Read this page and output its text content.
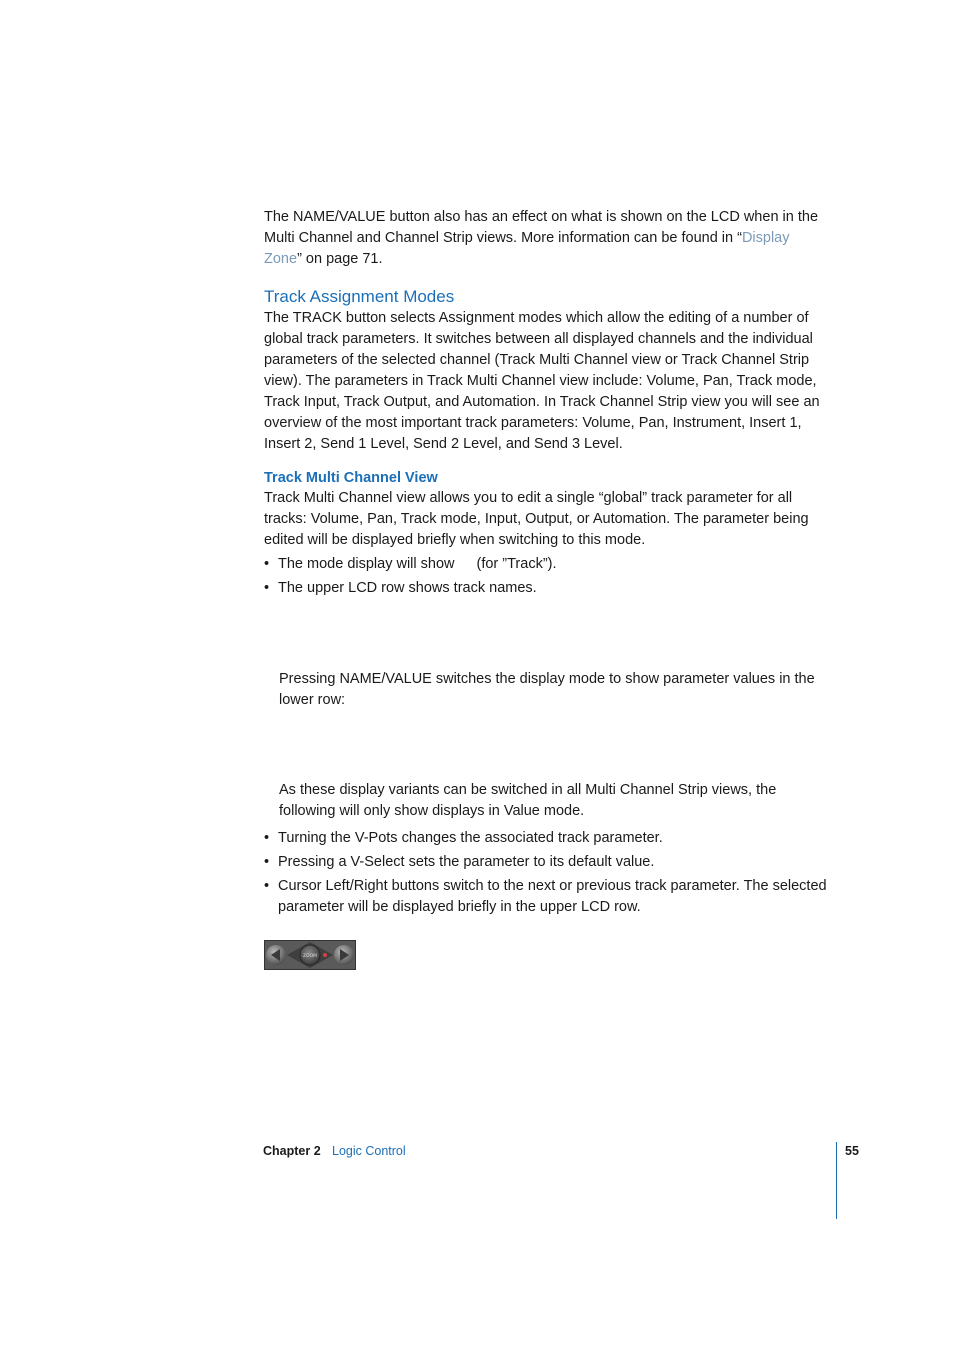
The NAME/VALUE button also has an effect on what is shown on the LCD when in the Multi Channel and Channel Strip views. More information can be found in “Display Zone” on page 71.

Track Assignment Modes

The TRACK button selects Assignment modes which allow the editing of a number of global track parameters. It switches between all displayed channels and the individual parameters of the selected channel (Track Multi Channel view or Track Channel Strip view). The parameters in Track Multi Channel view include: Volume, Pan, Track mode, Track Input, Track Output, and Automation. In Track Channel Strip view you will see an overview of the most important track parameters: Volume, Pan, Instrument, Insert 1, Insert 2, Send 1 Level, Send 2 Level, and Send 3 Level.

Track Multi Channel View

Track Multi Channel view allows you to edit a single “global” track parameter for all tracks: Volume, Pan, Track mode, Input, Output, or Automation. The parameter being edited will be displayed briefly when switching to this mode.

• The mode display will show (for ”Track”).
• The upper LCD row shows track names.

Pressing NAME/VALUE switches the display mode to show parameter values in the lower row:

As these display variants can be switched in all Multi Channel Strip views, the following will only show displays in Value mode.

• Turning the V-Pots changes the associated track parameter.
• Pressing a V-Select sets the parameter to its default value.
• Cursor Left/Right buttons switch to the next or previous track parameter. The selected parameter will be displayed briefly in the upper LCD row.
ZOOM
Chapter 2 Logic Control	55
